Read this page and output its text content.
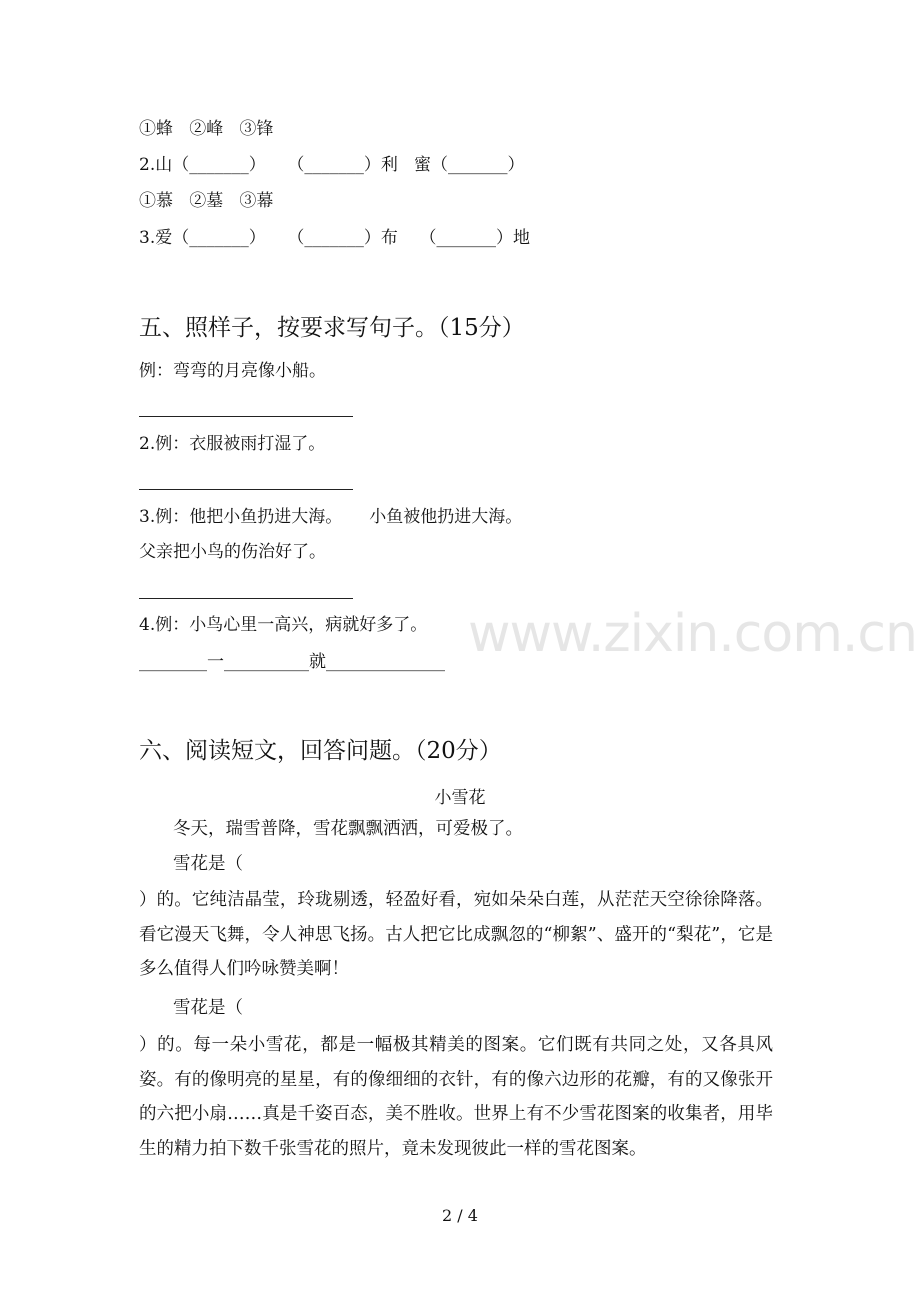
①蜂   ②峰   ③锋
2.山（_______）    （_______）利   蜜（_______）
①慕   ②墓   ③幕
3.爱（_______）    （_______）布    （_______）地
五、照样子，按要求写句子。（15分）
例：弯弯的月亮像小船。
2.例：衣服被雨打湿了。
3.例：他把小鱼扔进大海。     小鱼被他扔进大海。
父亲把小鸟的伤治好了。
4.例：小鸟心里一高兴，病就好多了。
________一__________就______________ www.zixin.com.cn
六、阅读短文，回答问题。（20分）
小雪花
冬天，瑞雪普降，雪花飘飘洒洒，可爱极了。
雪花是（
）的。它纯洁晶莹，玲珑剔透，轻盈好看，宛如朵朵白莲，从茫茫天空徐徐降落。看它漫天飞舞，令人神思飞扬。古人把它比成飘忽的“柳絮”、盛开的“梨花”，它是多么值得人们吟咏赞美啊！
雪花是（
）的。每一朵小雪花，都是一幅极其精美的图案。它们既有共同之处，又各具风姿。有的像明亮的星星，有的像细细的衣针，有的像六边形的花瓣，有的又像张开的六把小扇……真是千姿百态，美不胜收。世界上有不少雪花图案的收集者，用毕生的精力拍下数千张雪花的照片，竟未发现彼此一样的雪花图案。
2 / 4
